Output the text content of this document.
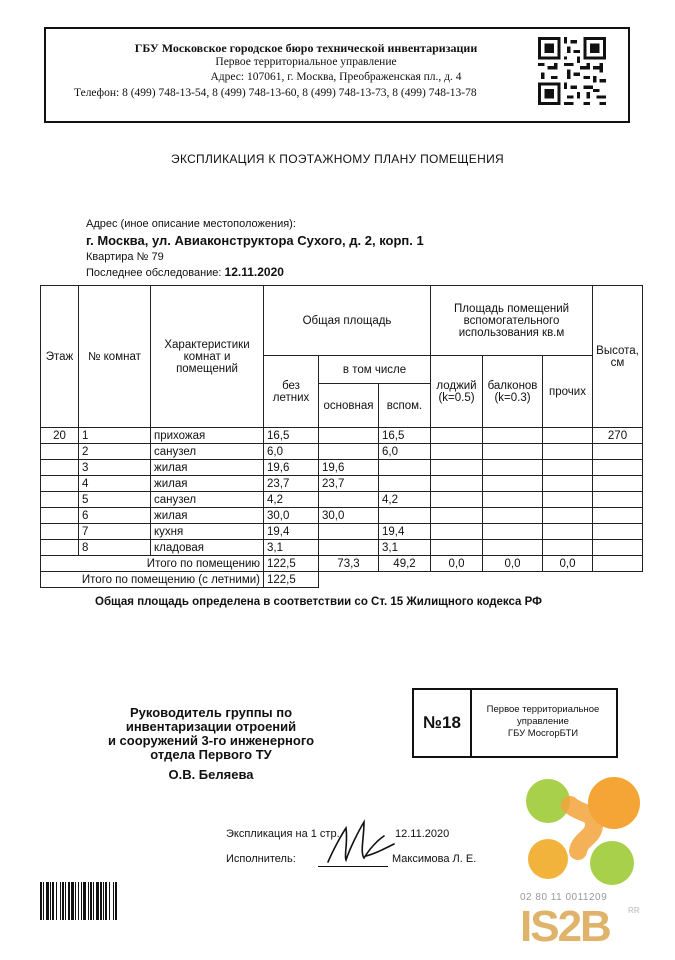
ГБУ Московское городское бюро технической инвентаризации
Первое территориальное управление
Адрес: 107061, г. Москва, Преображенская пл., д. 4
Телефон: 8 (499) 748-13-54, 8 (499) 748-13-60, 8 (499) 748-13-73, 8 (499) 748-13-78
ЭКСПЛИКАЦИЯ К ПОЭТАЖНОМУ ПЛАНУ ПОМЕЩЕНИЯ
Адрес (иное описание местоположения):
г. Москва, ул. Авиаконструктора Сухого, д. 2, корп. 1
Квартира № 79
Последнее обследование: 12.11.2020
Этаж	№ комнат	Характеристики комнат и помещений	Общая площадь			Площадь помещений вспомогательного использования кв.м			Высота, см
			без летних	в том числе		лоджий (k=0.5)	балконов (k=0.3)	прочих	
				основная	вспом.				
20	1	прихожая	16,5		16,5				270
	2	санузел	6,0		6,0				
	3	жилая	19,6	19,6					
	4	жилая	23,7	23,7					
	5	санузел	4,2		4,2				
	6	жилая	30,0	30,0					
	7	кухня	19,4		19,4				
	8	кладовая	3,1		3,1				
Итого по помещению			122,5	73,3	49,2	0,0	0,0	0,0	
Итого по помещению (с летними)			122,5						
Общая площадь определена в соответствии со Ст. 15 Жилищного кодекса РФ
Руководитель группы по
инвентаризации отроений
и сооружений 3-го инженерного
отдела Первого ТУ
О.В. Беляева
№18
Первое территориальное
управление
ГБУ МосгорБТИ
Экспликация на 1 стр.	12.11.2020
Исполнитель:	Максимова Л. Е.
02 80 11 0011209
IS2B RR
